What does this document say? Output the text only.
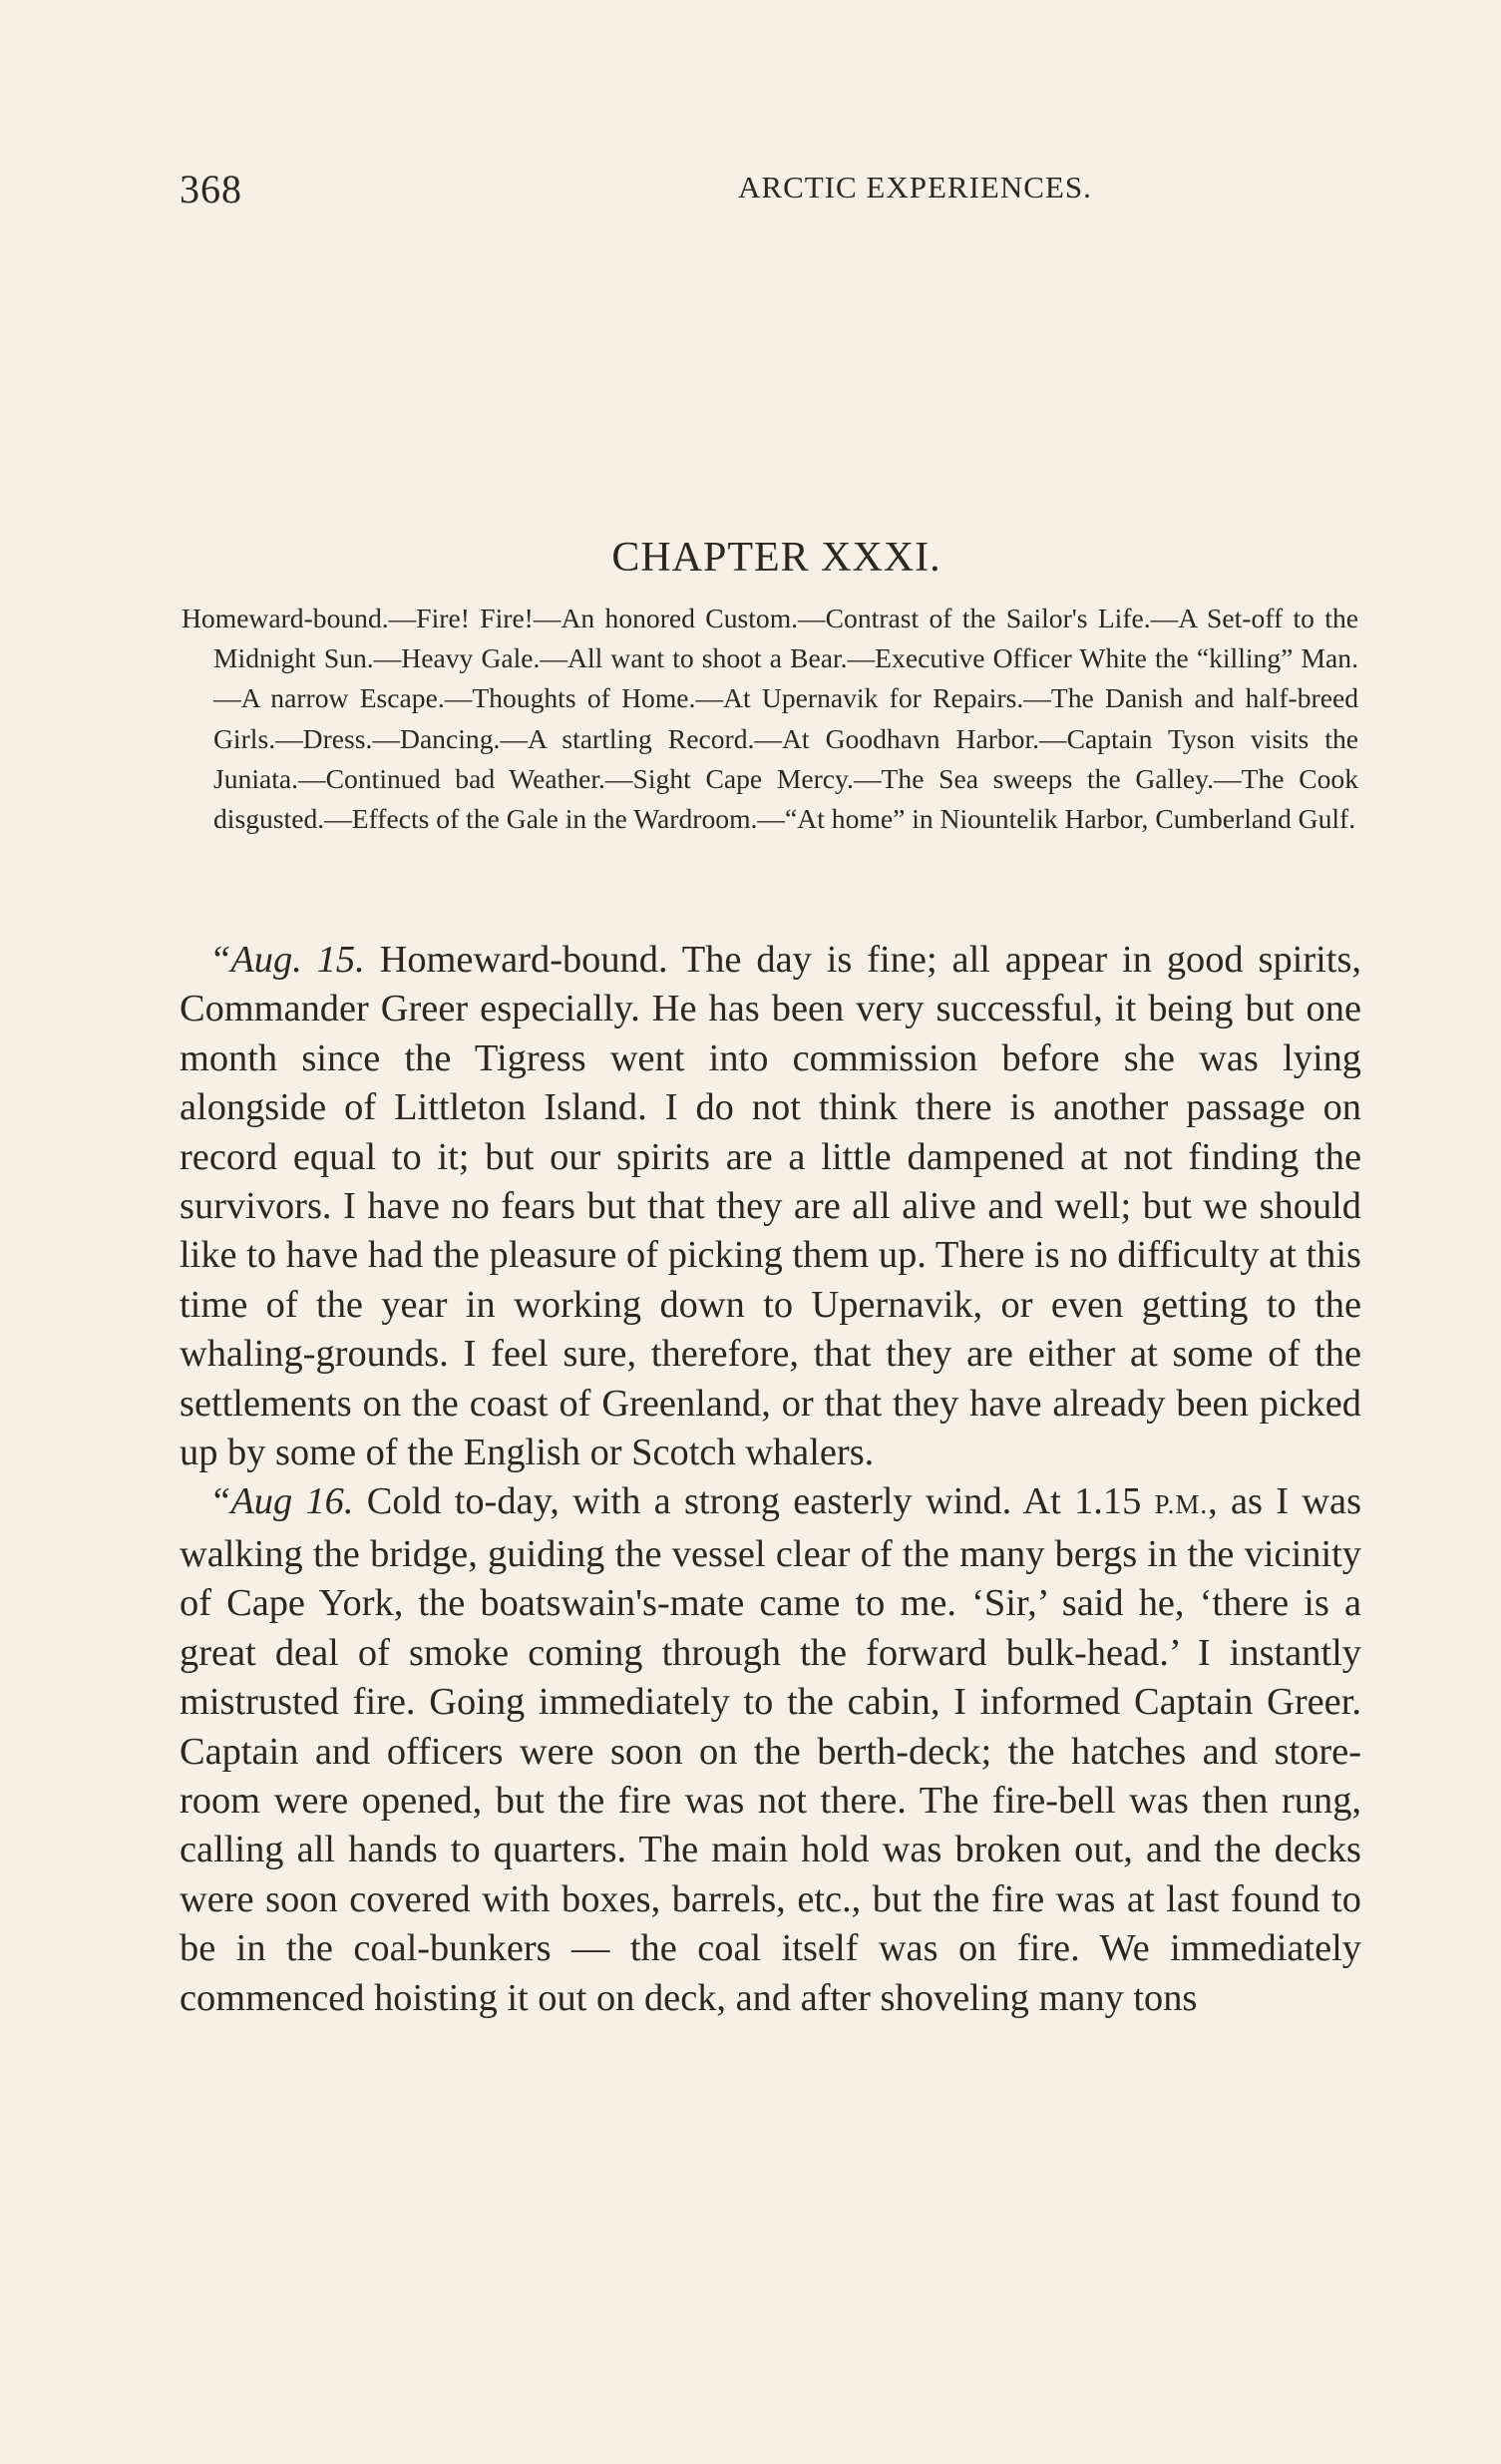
368	ARCTIC EXPERIENCES.
CHAPTER XXXI.
Homeward-bound.—Fire! Fire!—An honored Custom.—Contrast of the Sailor's Life.—A Set-off to the Midnight Sun.—Heavy Gale.—All want to shoot a Bear.—Executive Officer White the “killing” Man.—A narrow Escape.—Thoughts of Home.—At Upernavik for Repairs.—The Danish and half-breed Girls.—Dress.—Dancing.—A startling Record.—At Goodhavn Harbor.—Captain Tyson visits the Juniata.—Continued bad Weather.—Sight Cape Mercy.—The Sea sweeps the Galley.—The Cook disgusted.—Effects of the Gale in the Wardroom.—“At home” in Niountelik Harbor, Cumberland Gulf.

“Aug. 15. Homeward-bound. The day is fine; all appear in good spirits, Commander Greer especially. He has been very successful, it being but one month since the Tigress went into commission before she was lying alongside of Littleton Island. I do not think there is another passage on record equal to it; but our spirits are a little dampened at not finding the survivors. I have no fears but that they are all alive and well; but we should like to have had the pleasure of picking them up. There is no difficulty at this time of the year in working down to Upernavik, or even getting to the whaling-grounds. I feel sure, therefore, that they are either at some of the settlements on the coast of Greenland, or that they have already been picked up by some of the English or Scotch whalers.

“Aug 16. Cold to-day, with a strong easterly wind. At 1.15 P.M., as I was walking the bridge, guiding the vessel clear of the many bergs in the vicinity of Cape York, the boatswain's-mate came to me. ‘Sir,’ said he, ‘there is a great deal of smoke coming through the forward bulk-head.’ I instantly mistrusted fire. Going immediately to the cabin, I informed Captain Greer. Captain and officers were soon on the berth-deck; the hatches and store-room were opened, but the fire was not there. The fire-bell was then rung, calling all hands to quarters. The main hold was broken out, and the decks were soon covered with boxes, barrels, etc., but the fire was at last found to be in the coal-bunkers — the coal itself was on fire. We immediately commenced hoisting it out on deck, and after shoveling many tons
